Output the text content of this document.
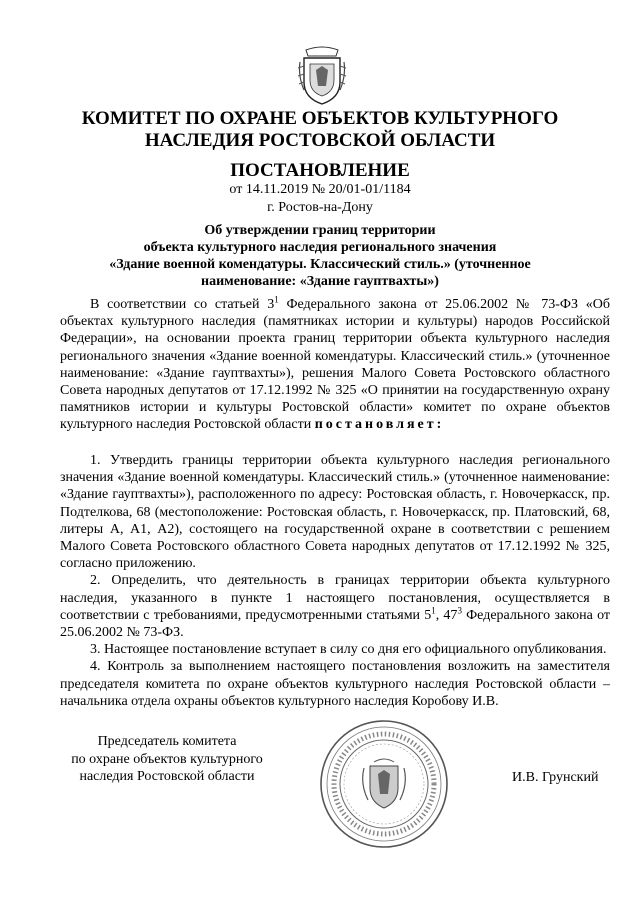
КОМИТЕТ ПО ОХРАНЕ ОБЪЕКТОВ КУЛЬТУРНОГО
НАСЛЕДИЯ РОСТОВСКОЙ ОБЛАСТИ
ПОСТАНОВЛЕНИЕ
от 14.11.2019 № 20/01-01/1184
г. Ростов-на-Дону
Об утверждении границ территории
объекта культурного наследия регионального значения
«Здание военной комендатуры. Классический стиль.» (уточненное
наименование: «Здание гауптвахты»)

В соответствии со статьей $3^1$ Федерального закона от 25.06.2002 № 73-ФЗ «Об объектах культурного наследия (памятниках истории и культуры) народов Российской Федерации», на основании проекта границ территории объекта культурного наследия регионального значения «Здание военной комендатуры. Классический стиль.» (уточненное наименование: «Здание гауптвахты»), решения Малого Совета Ростовского областного Совета народных депутатов от 17.12.1992 № 325 «О принятии на государственную охрану памятников истории и культуры Ростовской области» комитет по охране объектов культурного наследия Ростовской области постановляет:

1. Утвердить границы территории объекта культурного наследия регионального значения «Здание военной комендатуры. Классический стиль.» (уточненное наименование: «Здание гауптвахты»), расположенного по адресу: Ростовская область, г. Новочеркасск, пр. Подтелкова, 68 (местоположение: Ростовская область, г. Новочеркасск, пр. Платовский, 68, литеры А, А1, А2), состоящего на государственной охране в соответствии с решением Малого Совета Ростовского областного Совета народных депутатов от 17.12.1992 № 325, согласно приложению.

2. Определить, что деятельность в границах территории объекта культурного наследия, указанного в пункте 1 настоящего постановления, осуществляется в соответствии с требованиями, предусмотренными статьями $5^1$, $47^3$ Федерального закона от 25.06.2002 № 73-ФЗ.

3. Настоящее постановление вступает в силу со дня его официального опубликования.

4. Контроль за выполнением настоящего постановления возложить на заместителя председателя комитета по охране объектов культурного наследия Ростовской области – начальника отдела охраны объектов культурного наследия Коробову И.В.

Председатель комитета
по охране объектов культурного
наследия Ростовской области	И.В. Грунский
